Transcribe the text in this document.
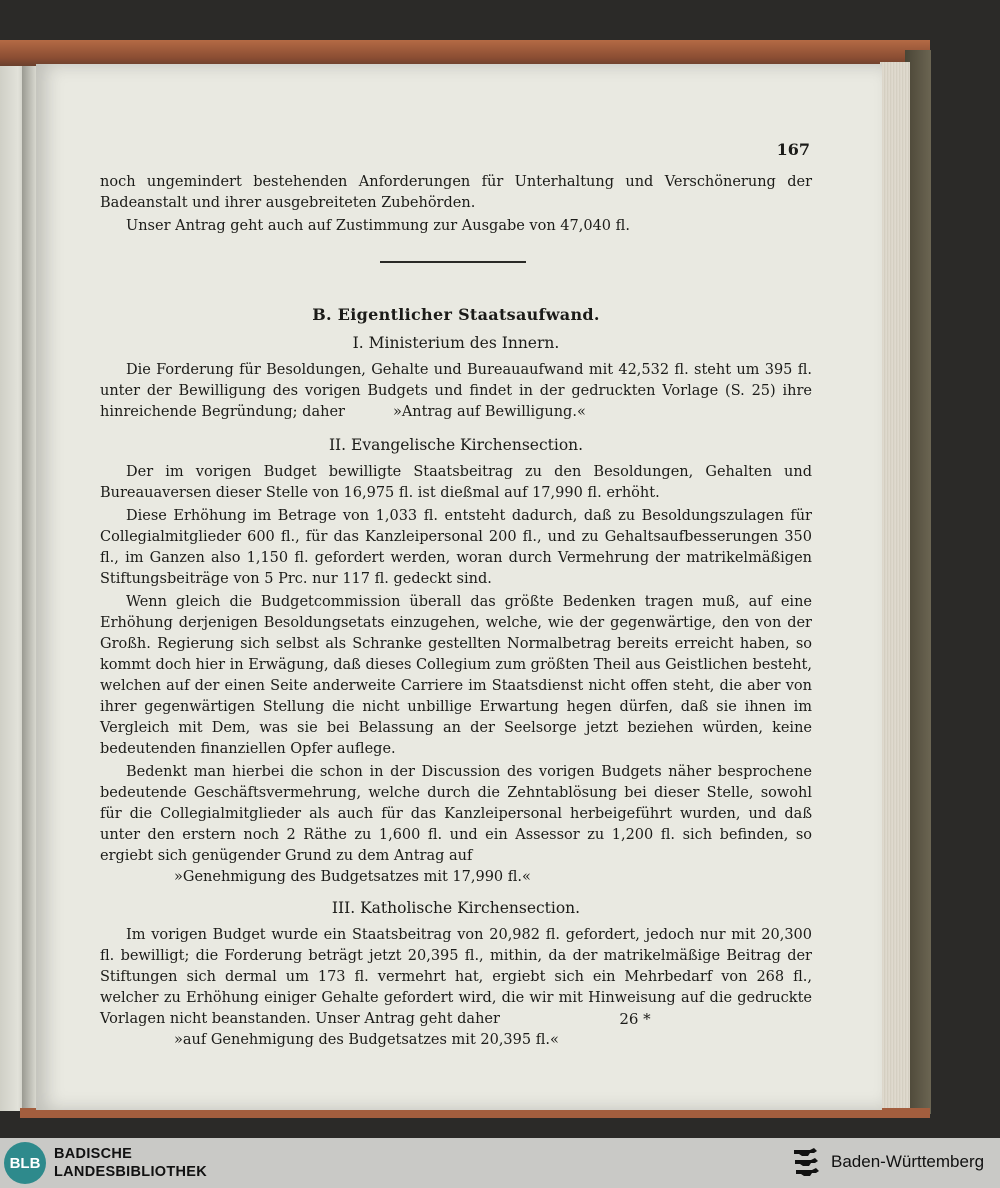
167

noch ungemindert bestehenden Anforderungen für Unterhaltung und Verschönerung der Badeanstalt und ihrer ausgebreiteten Zubehörden.

Unser Antrag geht auch auf Zustimmung zur Ausgabe von 47,040 fl.

B. Eigentlicher Staatsaufwand.
I. Ministerium des Innern.

Die Forderung für Besoldungen, Gehalte und Bureauaufwand mit 42,532 fl. steht um 395 fl. unter der Bewilligung des vorigen Budgets und findet in der gedruckten Vorlage (S. 25) ihre hinreichende Begründung; daher	»Antrag auf Bewilligung.«

II. Evangelische Kirchensection.

Der im vorigen Budget bewilligte Staatsbeitrag zu den Besoldungen, Gehalten und Bureauaversen dieser Stelle von 16,975 fl. ist dießmal auf 17,990 fl. erhöht.

Diese Erhöhung im Betrage von 1,033 fl. entsteht dadurch, daß zu Besoldungszulagen für Collegialmitglieder 600 fl., für das Kanzleipersonal 200 fl., und zu Gehaltsaufbesserungen 350 fl., im Ganzen also 1,150 fl. gefordert werden, woran durch Vermehrung der matrikelmäßigen Stiftungsbeiträge von 5 Prc. nur 117 fl. gedeckt sind.

Wenn gleich die Budgetcommission überall das größte Bedenken tragen muß, auf eine Erhöhung derjenigen Besoldungsetats einzugehen, welche, wie der gegenwärtige, den von der Großh. Regierung sich selbst als Schranke gestellten Normalbetrag bereits erreicht haben, so kommt doch hier in Erwägung, daß dieses Collegium zum größten Theil aus Geistlichen besteht, welchen auf der einen Seite anderweite Carriere im Staatsdienst nicht offen steht, die aber von ihrer gegenwärtigen Stellung die nicht unbillige Erwartung hegen dürfen, daß sie ihnen im Vergleich mit Dem, was sie bei Belassung an der Seelsorge jetzt beziehen würden, keine bedeutenden finanziellen Opfer auflege.

Bedenkt man hierbei die schon in der Discussion des vorigen Budgets näher besprochene bedeutende Geschäftsvermehrung, welche durch die Zehntablösung bei dieser Stelle, sowohl für die Collegialmitglieder als auch für das Kanzleipersonal herbeigeführt wurden, und daß unter den erstern noch 2 Räthe zu 1,600 fl. und ein Assessor zu 1,200 fl. sich befinden, so ergiebt sich genügender Grund zu dem Antrag auf

»Genehmigung des Budgetsatzes mit 17,990 fl.«

III. Katholische Kirchensection.

Im vorigen Budget wurde ein Staatsbeitrag von 20,982 fl. gefordert, jedoch nur mit 20,300 fl. bewilligt; die Forderung beträgt jetzt 20,395 fl., mithin, da der matrikelmäßige Beitrag der Stiftungen sich dermal um 173 fl. vermehrt hat, ergiebt sich ein Mehrbedarf von 268 fl., welcher zu Erhöhung einiger Gehalte gefordert wird, die wir mit Hinweisung auf die gedruckte Vorlagen nicht beanstanden. Unser Antrag geht daher

»auf Genehmigung des Budgetsatzes mit 20,395 fl.«

26 *
BLB
BADISCHE
LANDESBIBLIOTHEK
Baden-Württemberg
